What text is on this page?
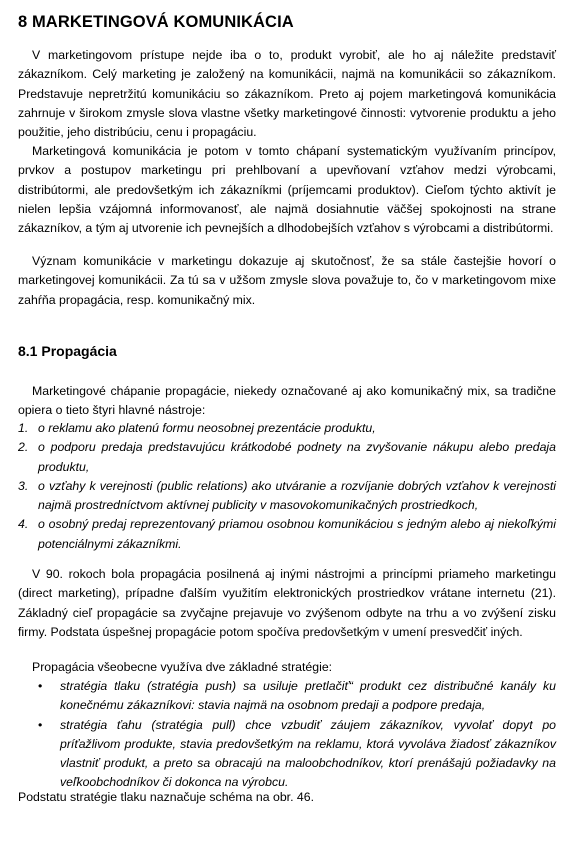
8 MARKETINGOVÁ KOMUNIKÁCIA

V marketingovom prístupe nejde iba o to, produkt vyrobiť, ale ho aj náležite predstaviť zákazníkom. Celý marketing je založený na komunikácii, najmä na komunikácii so zákazníkom. Predstavuje nepretržitú komunikáciu so zákazníkom. Preto aj pojem marketingová komunikácia zahrnuje v širokom zmysle slova vlastne všetky marketingové činnosti: vytvorenie produktu a jeho použitie, jeho distribúciu, cenu i propagáciu.

Marketingová komunikácia je potom v tomto chápaní systematickým využívaním princípov, prvkov a postupov marketingu pri prehlbovaní a upevňovaní vzťahov medzi výrobcami, distribútormi, ale predovšetkým ich zákazníkmi (príjemcami produktov). Cieľom týchto aktivít je nielen lepšia vzájomná informovanosť, ale najmä dosiahnutie väčšej spokojnosti na strane zákazníkov, a tým aj utvorenie ich pevnejších a dlhodobejších vzťahov s výrobcami a distribútormi.

Význam komunikácie v marketingu dokazuje aj skutočnosť, že sa stále častejšie hovorí o marketingovej komunikácii. Za tú sa v užšom zmysle slova považuje to, čo v marketingovom mixe zahŕňa propagácia, resp. komunikačný mix.

8.1 Propagácia

Marketingové chápanie propagácie, niekedy označované aj ako komunikačný mix, sa tradične opiera o tieto štyri hlavné nástroje:

1. o reklamu ako platenú formu neosobnej prezentácie produktu,
2. o podporu predaja predstavujúcu krátkodobé podnety na zvyšovanie nákupu alebo predaja produktu,
3. o vzťahy k verejnosti (public relations) ako utváranie a rozvíjanie dobrých vzťahov k verejnosti najmä prostredníctvom aktívnej publicity v masovokomunikačných prostriedkoch,
4. o osobný predaj reprezentovaný priamou osobnou komunikáciou s jedným alebo aj niekoľkými potenciálnymi zákazníkmi.

V 90. rokoch bola propagácia posilnená aj inými nástrojmi a princípmi priameho marketingu (direct marketing), prípadne ďalším využitím elektronických prostriedkov vrátane internetu (21). Základný cieľ propagácie sa zvyčajne prejavuje vo zvýšenom odbyte na trhu a vo zvýšení zisku firmy. Podstata úspešnej propagácie potom spočíva predovšetkým v umení presvedčiť iných.

Propagácia všeobecne využíva dve základné stratégie:

• stratégia tlaku (stratégia push) sa usiluje pretlačiť“ produkt cez distribučné kanály ku konečnému zákazníkovi: stavia najmä na osobnom predaji a podpore predaja,
• stratégia ťahu (stratégia pull) chce vzbudiť záujem zákazníkov, vyvolať dopyt po príťažlivom produkte, stavia predovšetkým na reklamu, ktorá vyvoláva žiadosť zákazníkov vlastniť produkt, a preto sa obracajú na maloobchodníkov, ktorí prenášajú požiadavky na veľkoobchodníkov či dokonca na výrobcu.

Podstatu stratégie tlaku naznačuje schéma na obr. 46.
